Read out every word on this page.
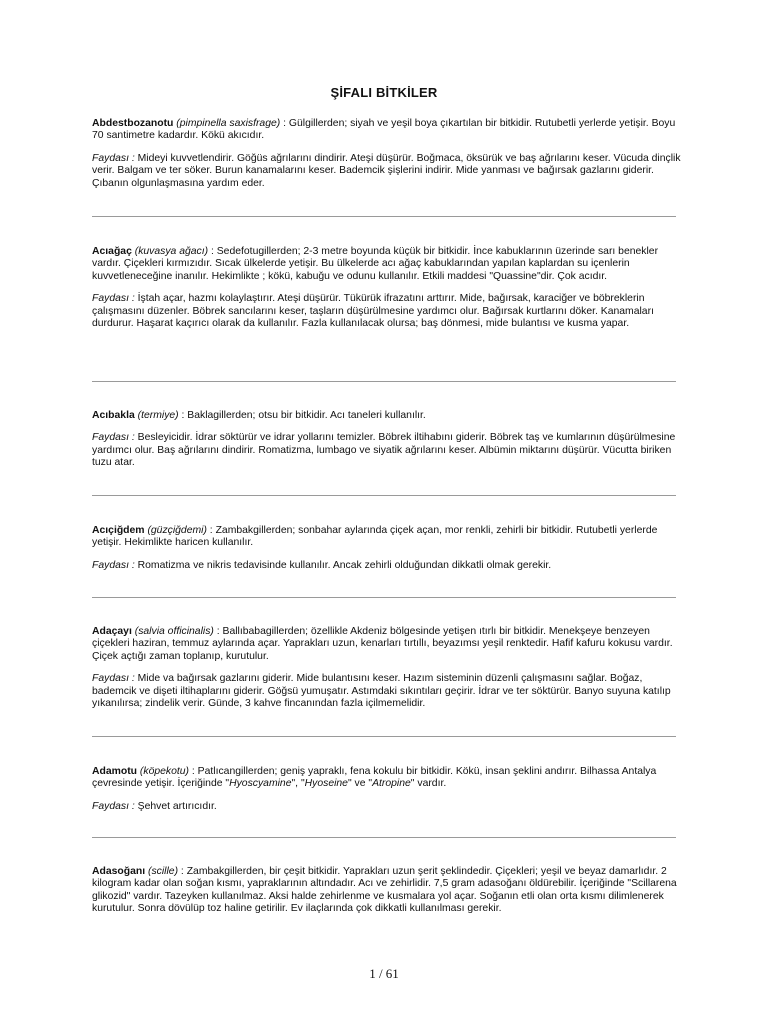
ŞİFALI BİTKİLER

Abdestbozanotu (pimpinella saxisfrage) : Gülgillerden; siyah ve yeşil boya çıkartılan bir bitkidir. Rutubetli yerlerde yetişir. Boyu 70 santimetre kadardır. Kökü akıcıdır.

Faydası : Mideyi kuvvetlendirir. Göğüs ağrılarını dindirir. Ateşi düşürür. Boğmaca, öksürük ve baş ağrılarını keser. Vücuda dinçlik verir. Balgam ve ter söker. Burun kanamalarını keser. Bademcik şişlerini indirir. Mide yanması ve bağırsak gazlarını giderir. Çıbanın olgunlaşmasına yardım eder.

Acıağaç (kuvasya ağacı) : Sedefotugillerden; 2-3 metre boyunda küçük bir bitkidir. İnce kabuklarının üzerinde sarı benekler vardır. Çiçekleri kırmızıdır. Sıcak ülkelerde yetişir. Bu ülkelerde acı ağaç kabuklarından yapılan kaplardan su içenlerin kuvvetleneceğine inanılır. Hekimlikte ; kökü, kabuğu ve odunu kullanılır. Etkili maddesi "Quassine"dir. Çok acıdır.

Faydası : İştah açar, hazmı kolaylaştırır. Ateşi düşürür. Tükürük ifrazatını arttırır. Mide, bağırsak, karaciğer ve böbreklerin çalışmasını düzenler. Böbrek sancılarını keser, taşların düşürülmesine yardımcı olur. Bağırsak kurtlarını döker. Kanamaları durdurur. Haşarat kaçırıcı olarak da kullanılır. Fazla kullanılacak olursa; baş dönmesi, mide bulantısı ve kusma yapar.

Acıbakla (termiye) : Baklagillerden; otsu bir bitkidir. Acı taneleri kullanılır.

Faydası : Besleyicidir. İdrar söktürür ve idrar yollarını temizler. Böbrek iltihabını giderir. Böbrek taş ve kumlarının düşürülmesine yardımcı olur. Baş ağrılarını dindirir. Romatizma, lumbago ve siyatik ağrılarını keser. Albümin miktarını düşürür. Vücutta biriken tuzu atar.

Acıçiğdem (güzçiğdemi) : Zambakgillerden; sonbahar aylarında çiçek açan, mor renkli, zehirli bir bitkidir. Rutubetli yerlerde yetişir. Hekimlikte haricen kullanılır.

Faydası : Romatizma ve nikris tedavisinde kullanılır. Ancak zehirli olduğundan dikkatli olmak gerekir.

Adaçayı (salvia officinalis) : Ballıbabagillerden; özellikle Akdeniz bölgesinde yetişen ıtırlı bir bitkidir. Menekşeye benzeyen çiçekleri haziran, temmuz aylarında açar. Yaprakları uzun, kenarları tırtıllı, beyazımsı yeşil renktedir. Hafif kafuru kokusu vardır. Çiçek açtığı zaman toplanıp, kurutulur.

Faydası : Mide va bağırsak gazlarını giderir. Mide bulantısını keser. Hazım sisteminin düzenli çalışmasını sağlar. Boğaz, bademcik ve dişeti iltihaplarını giderir. Göğsü yumuşatır. Astımdaki sıkıntıları geçirir. İdrar ve ter söktürür. Banyo suyuna katılıp yıkanılırsa; zindelik verir. Günde, 3 kahve fincanından fazla içilmemelidir.

Adamotu (köpekotu) : Patlıcangillerden; geniş yapraklı, fena kokulu bir bitkidir. Kökü, insan şeklini andırır. Bilhassa Antalya çevresinde yetişir. İçeriğinde "Hyoscyamine", "Hyoseine" ve "Atropine" vardır.

Faydası : Şehvet artırıcıdır.

Adasoğanı (scille) : Zambakgillerden, bir çeşit bitkidir. Yaprakları uzun şerit şeklindedir. Çiçekleri; yeşil ve beyaz damarlıdır. 2 kilogram kadar olan soğan kısmı, yapraklarının altındadır. Acı ve zehirlidir. 7,5 gram adasoğanı öldürebilir. İçeriğinde "Scillarena glikozid" vardır. Tazeyken kullanılmaz. Aksi halde zehirlenme ve kusmalara yol açar. Soğanın etli olan orta kısmı dilimlenerek kurutulur. Sonra dövülüp toz haline getirilir. Ev ilaçlarında çok dikkatli kullanılması gerekir.

1 / 61
